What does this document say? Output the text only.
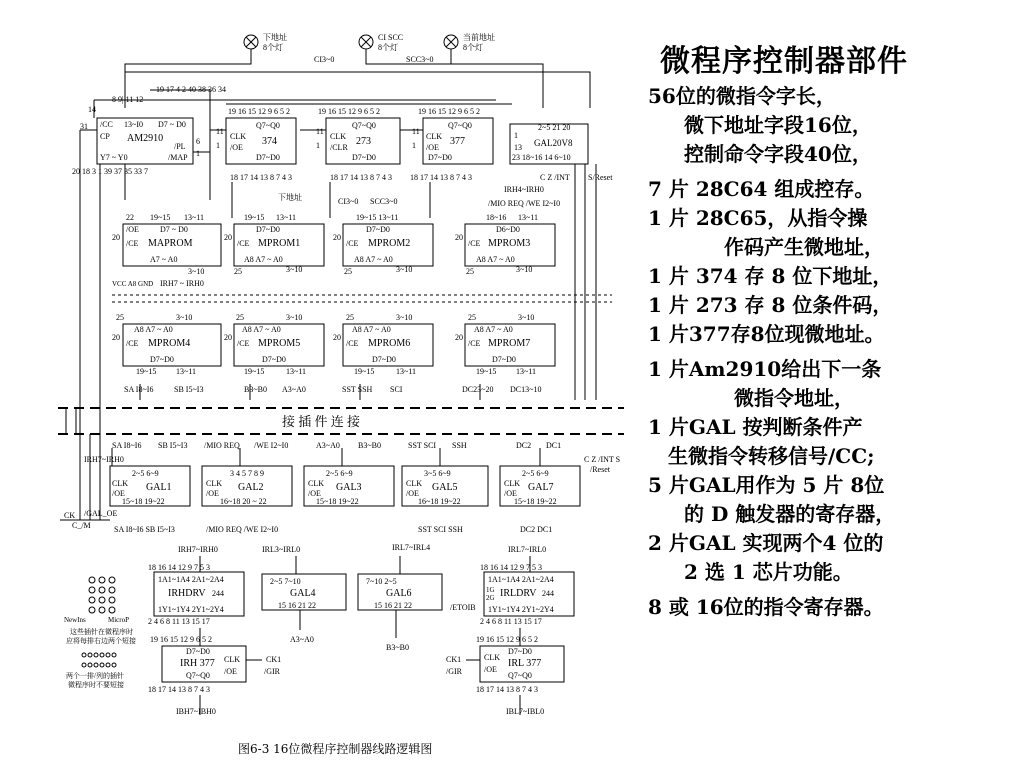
下地址
8个灯
CI SCC
8个灯
当前地址
8个灯
CI3~0	SCC3~0
19 17 4 2 40 38 36 34
8 9| 11 12
/CC 13~I0 D7 ~ D0
CP AM2910
/PL
/MAP
Y7 ~ Y0
14
31
6
1
20 18 3 1 39 37 35 33 7
19 16 15 12 9 6 5 2
Q7~Q0
CLK 374
/OE
D7~D0
11
1
18 17 14 13 8 7 4 3
19 16 15 12 9 6 5 2
Q7~Q0
CLK 273
/CLR
D7~D0
11
1
18 17 14 13 8 7 4 3
19 16 15 12 9 6 5 2
Q7~Q0
CLK 377
/OE
D7~D0
11
1
18 17 14 13 8 7 4 3
2~5 21 20
GAL20V8
23 18~16 14 6~10
1
13
下地址	CI3~0 SCC3~0
C Z /INT S/Reset
IRH4~IRH0
/MIO REQ /WE I2~I0
22 19~15 13~11
/OE	D7 ~ D0
20
/CE MAPROM
A7 ~ A0
3~10
IRH7 ~ IRH0
VCC A8 GND
19~15 13~11
D7~D0
20
/CE MPROM1
A8 A7 ~ A0
25	3~10
19~15 13~11
D7~D0
20
/CE MPROM2
A8 A7 ~ A0
25	3~10
18~16 13~11
D6~D0
20
/CE MPROM3
A8 A7 ~ A0
25	3~10
25	3~10
A8 A7 ~ A0
20
/CE MPROM4
D7~D0
19~15 13~11
SA I8~I6	SB I5~I3
25	3~10
A8 A7 ~ A0
20
/CE MPROM5
D7~D0
19~15	13~11
B3~B0 A3~A0
25	3~10
A8 A7 ~ A0
20
/CE MPROM6
D7~D0
19~15	13~11
SST SSH SCI
25	3~10
A8 A7 ~ A0
20
/CE MPROM7
D7~D0
19~15 13~11
DC23~20 DC13~10
接 插 件 连 接
SA I8~I6 SB I5~I3 /MIO REQ /WE I2~I0	A3~A0 B3~B0	SST SCI SSH	DC2 DC1
C Z /INT S
/Reset
IRH7~IRH0
2~5 6~9
CLK GAL1
/OE
15~18 19~22
SA I8~I6 SB I5~I3
3 4 5 7 8 9
CLK GAL2
/OE
16~18 20 ~ 22
/MIO REQ /WE I2~I0
2~5 6~9
CLK GAL3
/OE
15~18 19~22
3~5 6~9
CLK GAL5
/OE
16~18 19~22
SST SCI SSH
2~5 6~9
CLK GAL7
/OE
15~18 19~22
DC2 DC1
CK /GAL_OE
C_/M
IRH7~IRH0
18 16 14 12 9 7 5 3
1A1~1A4 2A1~2A4
IRHDRV 244
1Y1~1Y4 2Y1~2Y4
2 4 6 8 11 13 15 17
IRL3~IRL0	IRL7~IRL4
2~5 7~10
GAL4
15 16 21 22
A3~A0
7~10 2~5
GAL6
15 16 21 22
B3~B0
IRL7~IRL0
18 16 14 12 9 7 5 3
1A1~1A4 2A1~2A4
IRLDRV 244
1Y1~1Y4 2Y1~2Y4
2 4 6 8 11 13 15 17
1G
2G
/ETOIB
19 16 15 12 9 6 5 2
D7~D0
IRH 377
Q7~Q0
CLK
/OE
CK1
/GIR
18 17 14 13 8 7 4 3
IBH7~IBH0
19 16 15 12 9 6 5 2
D7~D0
IRL 377
Q7~Q0
CLK
/OE
CK1
/GIR
18 17 14 13 8 7 4 3
IBL7~IBL0
NewIns	MicroP
这些插针在微程序时
应将每排右边两个短接
两个一排/列的插针
微程序时不要短接
图6-3 16位微程序控制器线路逻辑图
微程序控制器部件
56位的微指令字长，
微下地址字段16位，
控制命令字段40位，
7 片 28C64 组成控存。
1 片 28C65，从指令操
作码产生微地址，
1 片 374 存 8 位下地址，
1 片 273 存 8 位条件码，
1 片377存8位现微地址。
1 片Am2910给出下一条
微指令地址，
1 片GAL 按判断条件产
生微指令转移信号/CC;
5 片GAL用作为 5 片 8位
的 D 触发器的寄存器，
2 片GAL 实现两个4 位的
2 选 1 芯片功能。
8 或 16位的指令寄存器。
